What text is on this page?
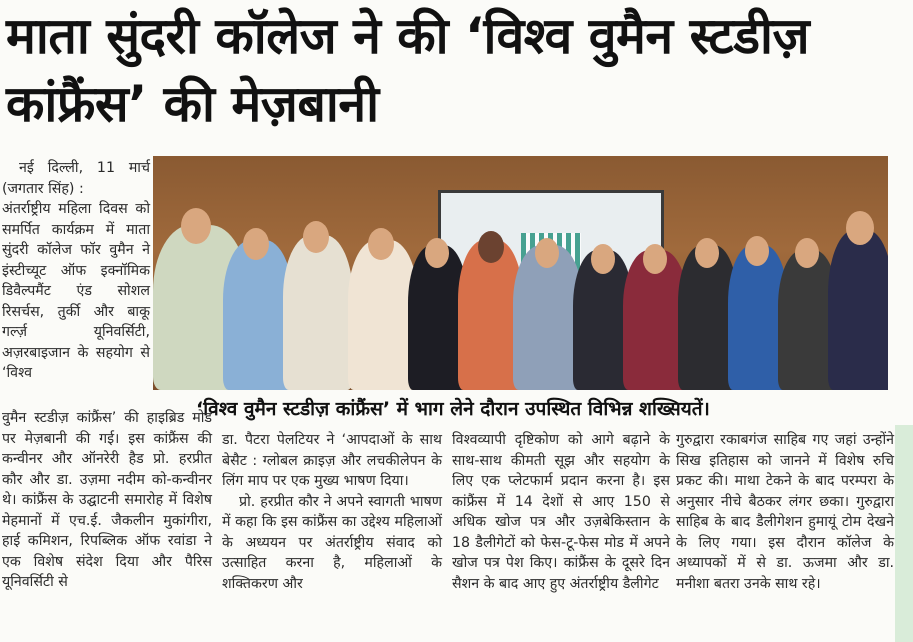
माता सुंदरी कॉलेज ने की ‘विश्व वुमैन स्टडीज़ कांफ्रैंस’ की मेज़बानी

नई दिल्ली, 11 मार्च (जगतार सिंह) :

अंतर्राष्ट्रीय महिला दिवस को समर्पित कार्यक्रम में माता सुंदरी कॉलेज फॉर वुमैन ने इंस्टीच्यूट ऑफ इक्नॉमिक डिवैल्पमैंट एंड सोशल रिसर्चस, तुर्की और बाकू गर्ल्ज़ यूनिवर्सिटी, अज़रबाइजान के सहयोग से ‘विश्व

‘विश्व वुमैन स्टडीज़ कांफ्रैंस’ में भाग लेने दौरान उपस्थित विभिन्न शख्सियतें।

वुमैन स्टडीज़ कांफ्रैंस’ की हाइब्रिड मोड पर मेज़बानी की गई। इस कांफ्रैंस की कन्वीनर और ऑनरेरी हैड प्रो. हरप्रीत कौर और डा. उज़मा नदीम को-कन्वीनर थे। कांफ्रैंस के उद्घाटनी समारोह में विशेष मेहमानों में एच.ई. जैकलीन मुकांगीरा, हाई कमिशन, रिपब्लिक ऑफ रवांडा ने एक विशेष संदेश दिया और पैरिस यूनिवर्सिटी से

डा. पैटरा पेलटियर ने ‘आपदाओं के साथ बेसैट : ग्लोबल क्राइज़ और लचकीलेपन के लिंग माप पर एक मुख्य भाषण दिया।

प्रो. हरप्रीत कौर ने अपने स्वागती भाषण में कहा कि इस कांफ्रैंस का उद्देश्य महिलाओं के अध्ययन पर अंतर्राष्ट्रीय संवाद को उत्साहित करना है, महिलाओं के शक्तिकरण और

विश्वव्यापी दृष्टिकोण को आगे बढ़ाने के साथ-साथ कीमती सूझ और सहयोग के लिए एक प्लेटफार्म प्रदान करना है। इस कांफ्रैंस में 14 देशों से आए 150 से अधिक खोज पत्र और उज़बेकिस्तान के 18 डैलीगेटों को फेस-टू-फेस मोड में अपने खोज पत्र पेश किए। कांफ्रैंस के दूसरे दिन सैशन के बाद आए हुए अंतर्राष्ट्रीय डैलीगेट

गुरुद्वारा रकाबगंज साहिब गए जहां उन्होंने सिख इतिहास को जानने में विशेष रुचि प्रकट की। माथा टेकने के बाद परम्परा के अनुसार नीचे बैठकर लंगर छका। गुरुद्वारा साहिब के बाद डैलीगेशन हुमायूं टोम देखने के लिए गया। इस दौरान कॉलेज के अध्यापकों में से डा. ऊजमा और डा. मनीशा बतरा उनके साथ रहे।
